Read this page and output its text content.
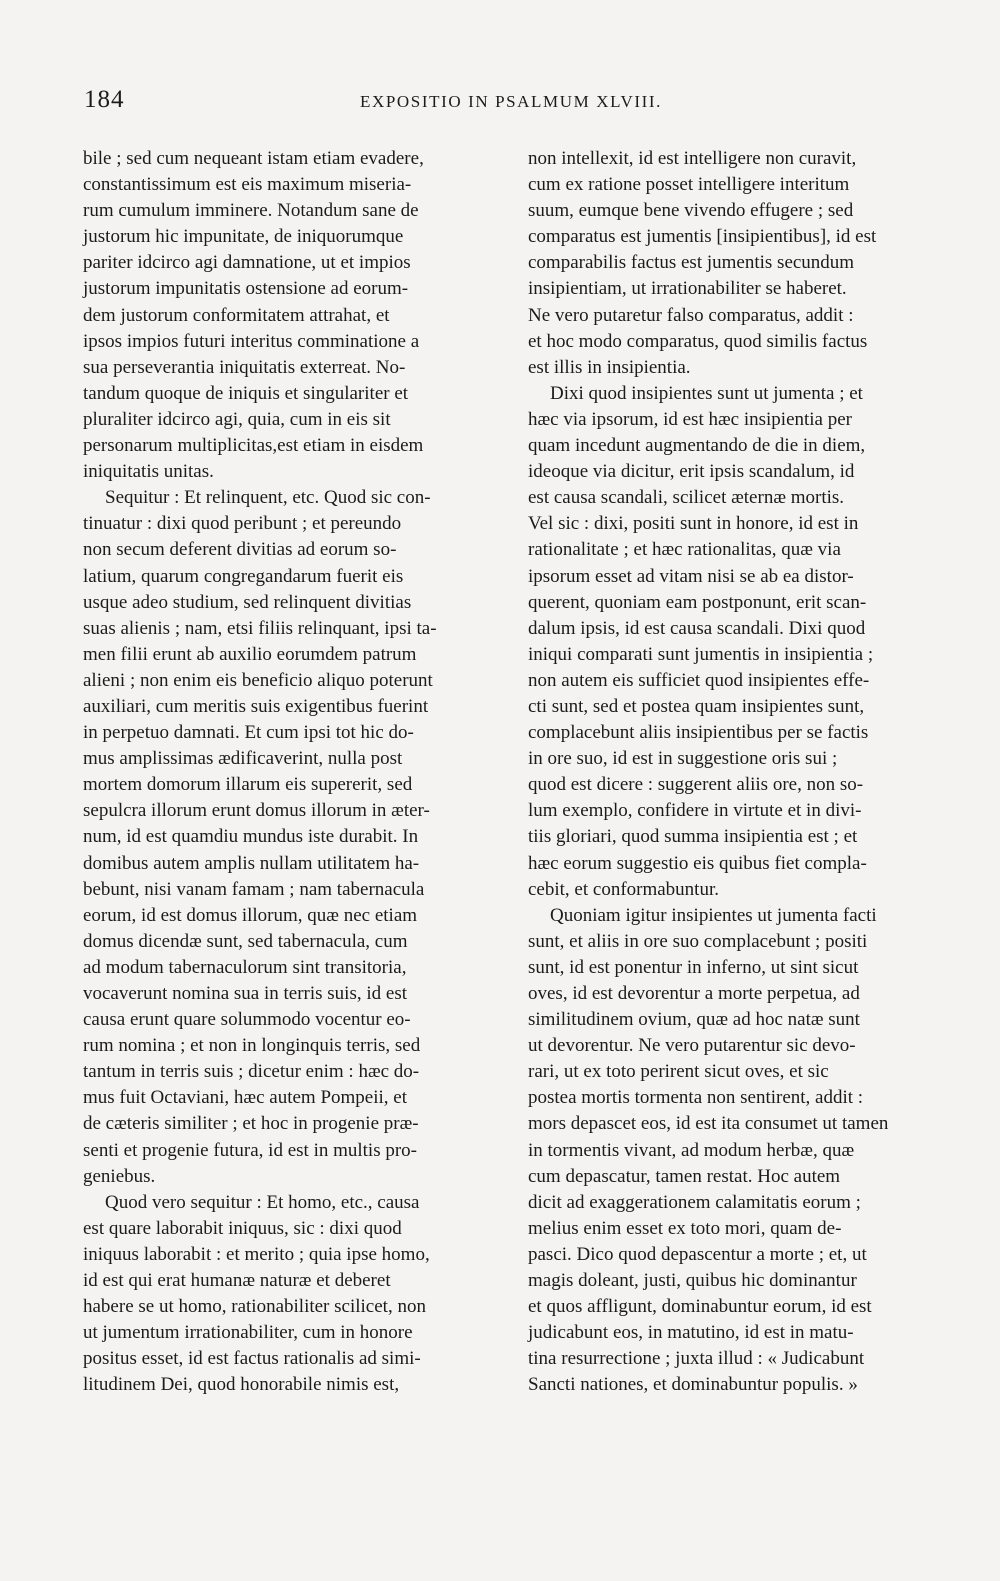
184	EXPOSITIO IN PSALMUM XLVIII.
bile ; sed cum nequeant istam etiam evadere,
constantissimum est eis maximum miseria-
rum cumulum imminere. Notandum sane de
justorum hic impunitate, de iniquorumque
pariter idcirco agi damnatione, ut et impios
justorum impunitatis ostensione ad eorum-
dem justorum conformitatem attrahat, et
ipsos impios futuri interitus comminatione a
sua perseverantia iniquitatis exterreat. No-
tandum quoque de iniquis et singulariter et
pluraliter idcirco agi, quia, cum in eis sit
personarum multiplicitas,est etiam in eisdem
iniquitatis unitas.
Sequitur : Et relinquent, etc. Quod sic con-
tinuatur : dixi quod peribunt ; et pereundo
non secum deferent divitias ad eorum so-
latium, quarum congregandarum fuerit eis
usque adeo studium, sed relinquent divitias
suas alienis ; nam, etsi filiis relinquant, ipsi ta-
men filii erunt ab auxilio eorumdem patrum
alieni ; non enim eis beneficio aliquo poterunt
auxiliari, cum meritis suis exigentibus fuerint
in perpetuo damnati. Et cum ipsi tot hic do-
mus amplissimas ædificaverint, nulla post
mortem domorum illarum eis supererit, sed
sepulcra illorum erunt domus illorum in æter-
num, id est quamdiu mundus iste durabit. In
domibus autem amplis nullam utilitatem ha-
bebunt, nisi vanam famam ; nam tabernacula
eorum, id est domus illorum, quæ nec etiam
domus dicendæ sunt, sed tabernacula, cum
ad modum tabernaculorum sint transitoria,
vocaverunt nomina sua in terris suis, id est
causa erunt quare solummodo vocentur eo-
rum nomina ; et non in longinquis terris, sed
tantum in terris suis ; dicetur enim : hæc do-
mus fuit Octaviani, hæc autem Pompeii, et
de cæteris similiter ; et hoc in progenie præ-
senti et progenie futura, id est in multis pro-
geniebus.
Quod vero sequitur : Et homo, etc., causa
est quare laborabit iniquus, sic : dixi quod
iniquus laborabit : et merito ; quia ipse homo,
id est qui erat humanæ naturæ et deberet
habere se ut homo, rationabiliter scilicet, non
ut jumentum irrationabiliter, cum in honore
positus esset, id est factus rationalis ad simi-
litudinem Dei, quod honorabile nimis est,
non intellexit, id est intelligere non curavit,
cum ex ratione posset intelligere interitum
suum, eumque bene vivendo effugere ; sed
comparatus est jumentis [insipientibus], id est
comparabilis factus est jumentis secundum
insipientiam, ut irrationabiliter se haberet.
Ne vero putaretur falso comparatus, addit :
et hoc modo comparatus, quod similis factus
est illis in insipientia.
Dixi quod insipientes sunt ut jumenta ; et
hæc via ipsorum, id est hæc insipientia per
quam incedunt augmentando de die in diem,
ideoque via dicitur, erit ipsis scandalum, id
est causa scandali, scilicet æternæ mortis.
Vel sic : dixi, positi sunt in honore, id est in
rationalitate ; et hæc rationalitas, quæ via
ipsorum esset ad vitam nisi se ab ea distor-
querent, quoniam eam postponunt, erit scan-
dalum ipsis, id est causa scandali. Dixi quod
iniqui comparati sunt jumentis in insipientia ;
non autem eis sufficiet quod insipientes effe-
cti sunt, sed et postea quam insipientes sunt,
complacebunt aliis insipientibus per se factis
in ore suo, id est in suggestione oris sui ;
quod est dicere : suggerent aliis ore, non so-
lum exemplo, confidere in virtute et in divi-
tiis gloriari, quod summa insipientia est ; et
hæc eorum suggestio eis quibus fiet compla-
cebit, et conformabuntur.
Quoniam igitur insipientes ut jumenta facti
sunt, et aliis in ore suo complacebunt ; positi
sunt, id est ponentur in inferno, ut sint sicut
oves, id est devorentur a morte perpetua, ad
similitudinem ovium, quæ ad hoc natæ sunt
ut devorentur. Ne vero putarentur sic devo-
rari, ut ex toto perirent sicut oves, et sic
postea mortis tormenta non sentirent, addit :
mors depascet eos, id est ita consumet ut tamen
in tormentis vivant, ad modum herbæ, quæ
cum depascatur, tamen restat. Hoc autem
dicit ad exaggerationem calamitatis eorum ;
melius enim esset ex toto mori, quam de-
pasci. Dico quod depascentur a morte ; et, ut
magis doleant, justi, quibus hic dominantur
et quos affligunt, dominabuntur eorum, id est
judicabunt eos, in matutino, id est in matu-
tina resurrectione ; juxta illud : « Judicabunt
Sancti nationes, et dominabuntur populis. »
